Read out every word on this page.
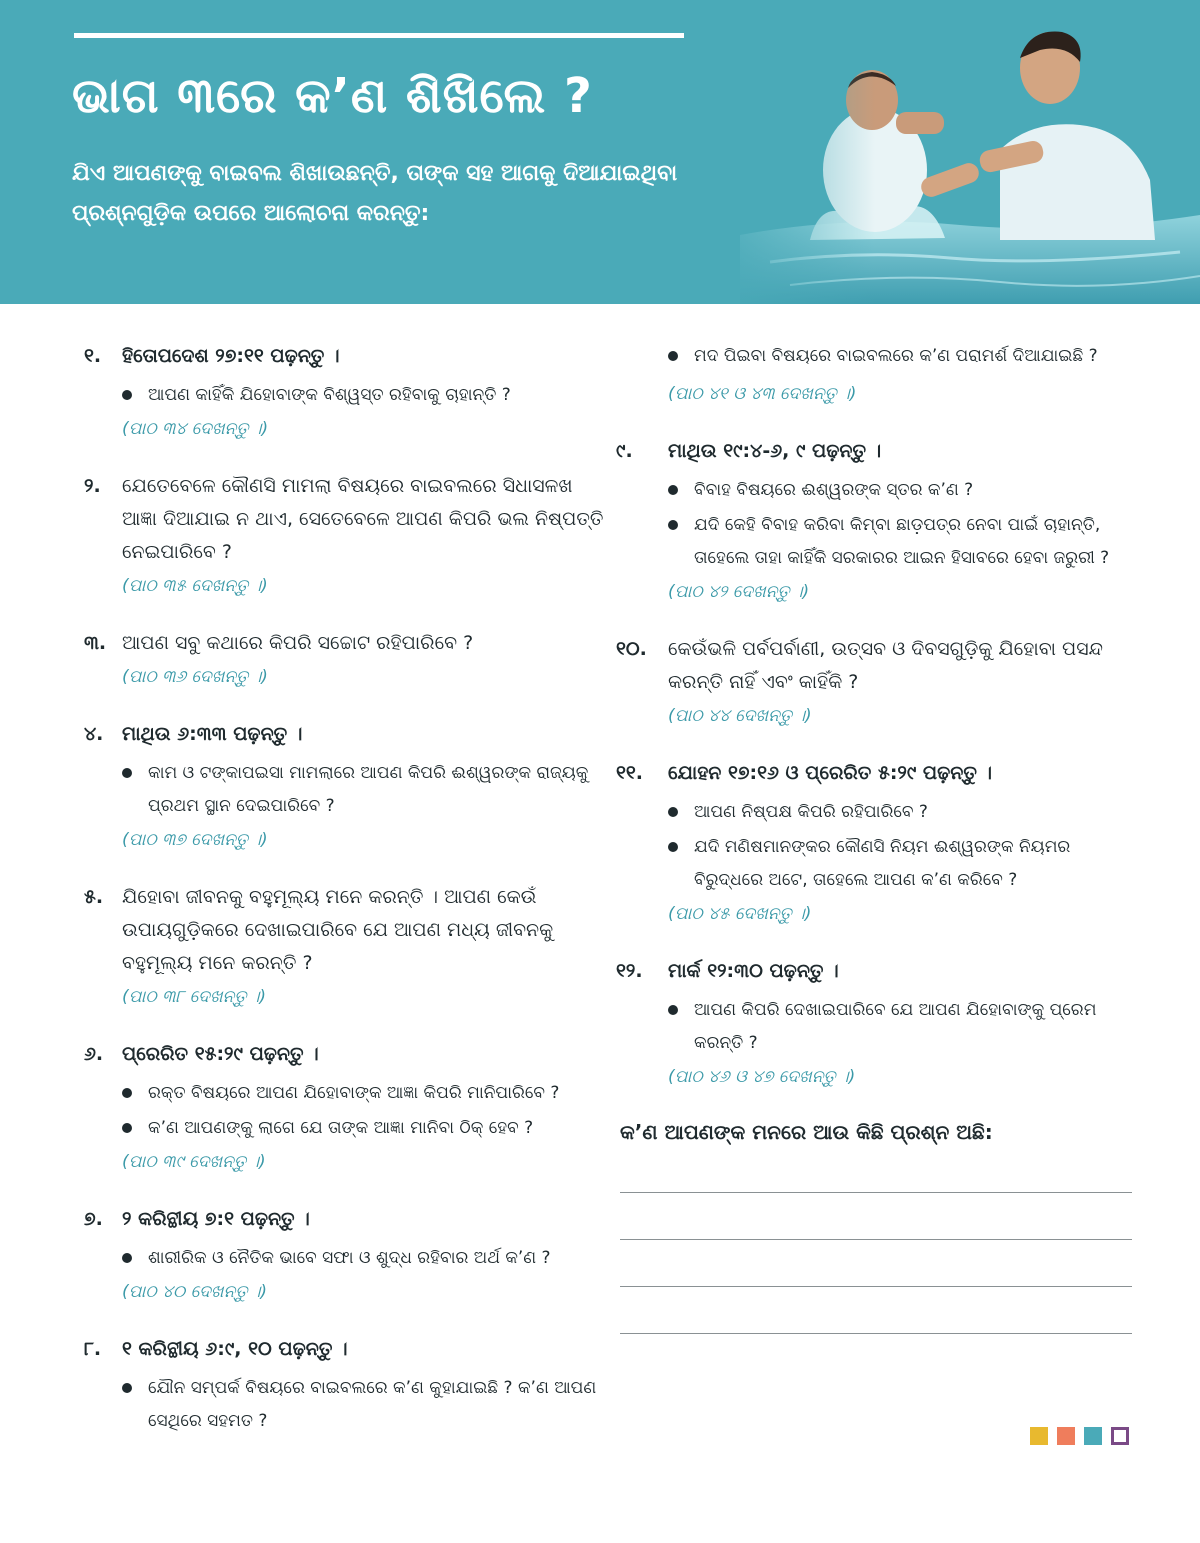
ଭାଗ ୩ରେ କ’ଣ ଶିଖିଲେ ?

ଯିଏ ଆପଣଙ୍କୁ ବାଇବଲ ଶିଖାଉଛନ୍ତି, ତାଙ୍କ ସହ ଆଗକୁ ଦିଆଯାଇଥିବା ପ୍ରଶ୍ନଗୁଡ଼ିକ ଉପରେ ଆଲୋଚନା କରନ୍ତୁ:

୧.	ହିତୋପଦେଶ ୨୭:୧୧ ପଢ଼ନ୍ତୁ ।
ଆପଣ କାହିଁକି ଯିହୋବାଙ୍କ ବିଶ୍ୱସ୍ତ ରହିବାକୁ ଚାହାନ୍ତି ?
(ପାଠ ୩୪ ଦେଖନ୍ତୁ ।)
୨.	ଯେତେବେଳେ କୌଣସି ମାମଲା ବିଷୟରେ ବାଇବଲରେ ସିଧାସଳଖ ଆଜ୍ଞା ଦିଆଯାଇ ନ ଥାଏ, ସେତେବେଳେ ଆପଣ କିପରି ଭଲ ନିଷ୍ପତ୍ତି ନେଇପାରିବେ ?
(ପାଠ ୩୫ ଦେଖନ୍ତୁ ।)
୩. ଆପଣ ସବୁ କଥାରେ କିପରି ସଚ୍ଚୋଟ ରହିପାରିବେ ?
(ପାଠ ୩୬ ଦେଖନ୍ତୁ ।)
୪. ମାଥିଉ ୬:୩୩ ପଢ଼ନ୍ତୁ ।
କାମ ଓ ଟଙ୍କାପଇସା ମାମଲାରେ ଆପଣ କିପରି ଈଶ୍ୱରଙ୍କ ରାଜ୍ୟକୁ ପ୍ରଥମ ସ୍ଥାନ ଦେଇପାରିବେ ?
(ପାଠ ୩୭ ଦେଖନ୍ତୁ ।)
୫. ଯିହୋବା ଜୀବନକୁ ବହୁମୂଲ୍ୟ ମନେ କରନ୍ତି । ଆପଣ କେଉଁ ଉପାୟଗୁଡ଼ିକରେ ଦେଖାଇପାରିବେ ଯେ ଆପଣ ମଧ୍ୟ ଜୀବନକୁ ବହୁମୂଲ୍ୟ ମନେ କରନ୍ତି ?
(ପାଠ ୩୮ ଦେଖନ୍ତୁ ।)
୬. ପ୍ରେରିତ ୧୫:୨୯ ପଢ଼ନ୍ତୁ ।
ରକ୍ତ ବିଷୟରେ ଆପଣ ଯିହୋବାଙ୍କ ଆଜ୍ଞା କିପରି ମାନିପାରିବେ ?
କ’ଣ ଆପଣଙ୍କୁ ଲାଗେ ଯେ ତାଙ୍କ ଆଜ୍ଞା ମାନିବା ଠିକ୍ ହେବ ?
(ପାଠ ୩୯ ଦେଖନ୍ତୁ ।)
୭.	୨ କରିନ୍ଥୀୟ ୭:୧ ପଢ଼ନ୍ତୁ ।
ଶାରୀରିକ ଓ ନୈତିକ ଭାବେ ସଫା ଓ ଶୁଦ୍ଧ ରହିବାର ଅର୍ଥ କ’ଣ ?
(ପାଠ ୪୦ ଦେଖନ୍ତୁ ।)
୮.	୧ କରିନ୍ଥୀୟ ୬:୯, ୧୦ ପଢ଼ନ୍ତୁ ।
ଯୌନ ସମ୍ପର୍କ ବିଷୟରେ ବାଇବଲରେ କ’ଣ କୁହାଯାଇଛି ? କ’ଣ ଆପଣ ସେଥିରେ ସହମତ ?
ମଦ ପିଇବା ବିଷୟରେ ବାଇବଲରେ କ’ଣ ପରାମର୍ଶ ଦିଆଯାଇଛି ?
(ପାଠ ୪୧ ଓ ୪୩ ଦେଖନ୍ତୁ ।)
୯.	ମାଥିଉ ୧୯:୪-୬, ୯ ପଢ଼ନ୍ତୁ ।
ବିବାହ ବିଷୟରେ ଈଶ୍ୱରଙ୍କ ସ୍ତର କ’ଣ ?
ଯଦି କେହି ବିବାହ କରିବା କିମ୍ବା ଛାଡ଼ପତ୍ର ନେବା ପାଇଁ ଚାହାନ୍ତି, ତାହେଲେ ତାହା କାହିଁକି ସରକାରର ଆଇନ ହିସାବରେ ହେବା ଜରୁରୀ ?
(ପାଠ ୪୨ ଦେଖନ୍ତୁ ।)
୧୦.	କେଉଁଭଳି ପର୍ବପର୍ବାଣୀ, ଉତ୍ସବ ଓ ଦିବସଗୁଡ଼ିକୁ ଯିହୋବା ପସନ୍ଦ କରନ୍ତି ନାହିଁ ଏବଂ କାହିଁକି ?
(ପାଠ ୪୪ ଦେଖନ୍ତୁ ।)
୧୧.	ଯୋହନ ୧୭:୧୬ ଓ ପ୍ରେରିତ ୫:୨୯ ପଢ଼ନ୍ତୁ ।
ଆପଣ ନିଷ୍ପକ୍ଷ କିପରି ରହିପାରିବେ ?
ଯଦି ମଣିଷମାନଙ୍କର କୌଣସି ନିୟମ ଈଶ୍ୱରଙ୍କ ନିୟମର ବିରୁଦ୍ଧରେ ଅଟେ, ତାହେଲେ ଆପଣ କ’ଣ କରିବେ ?
(ପାଠ ୪୫ ଦେଖନ୍ତୁ ।)
୧୨.	ମାର୍କ ୧୨:୩୦ ପଢ଼ନ୍ତୁ ।
ଆପଣ କିପରି ଦେଖାଇପାରିବେ ଯେ ଆପଣ ଯିହୋବାଙ୍କୁ ପ୍ରେମ କରନ୍ତି ?
(ପାଠ ୪୬ ଓ ୪୭ ଦେଖନ୍ତୁ ।)
କ’ଣ ଆପଣଙ୍କ ମନରେ ଆଉ କିଛି ପ୍ରଶ୍ନ ଅଛି:
